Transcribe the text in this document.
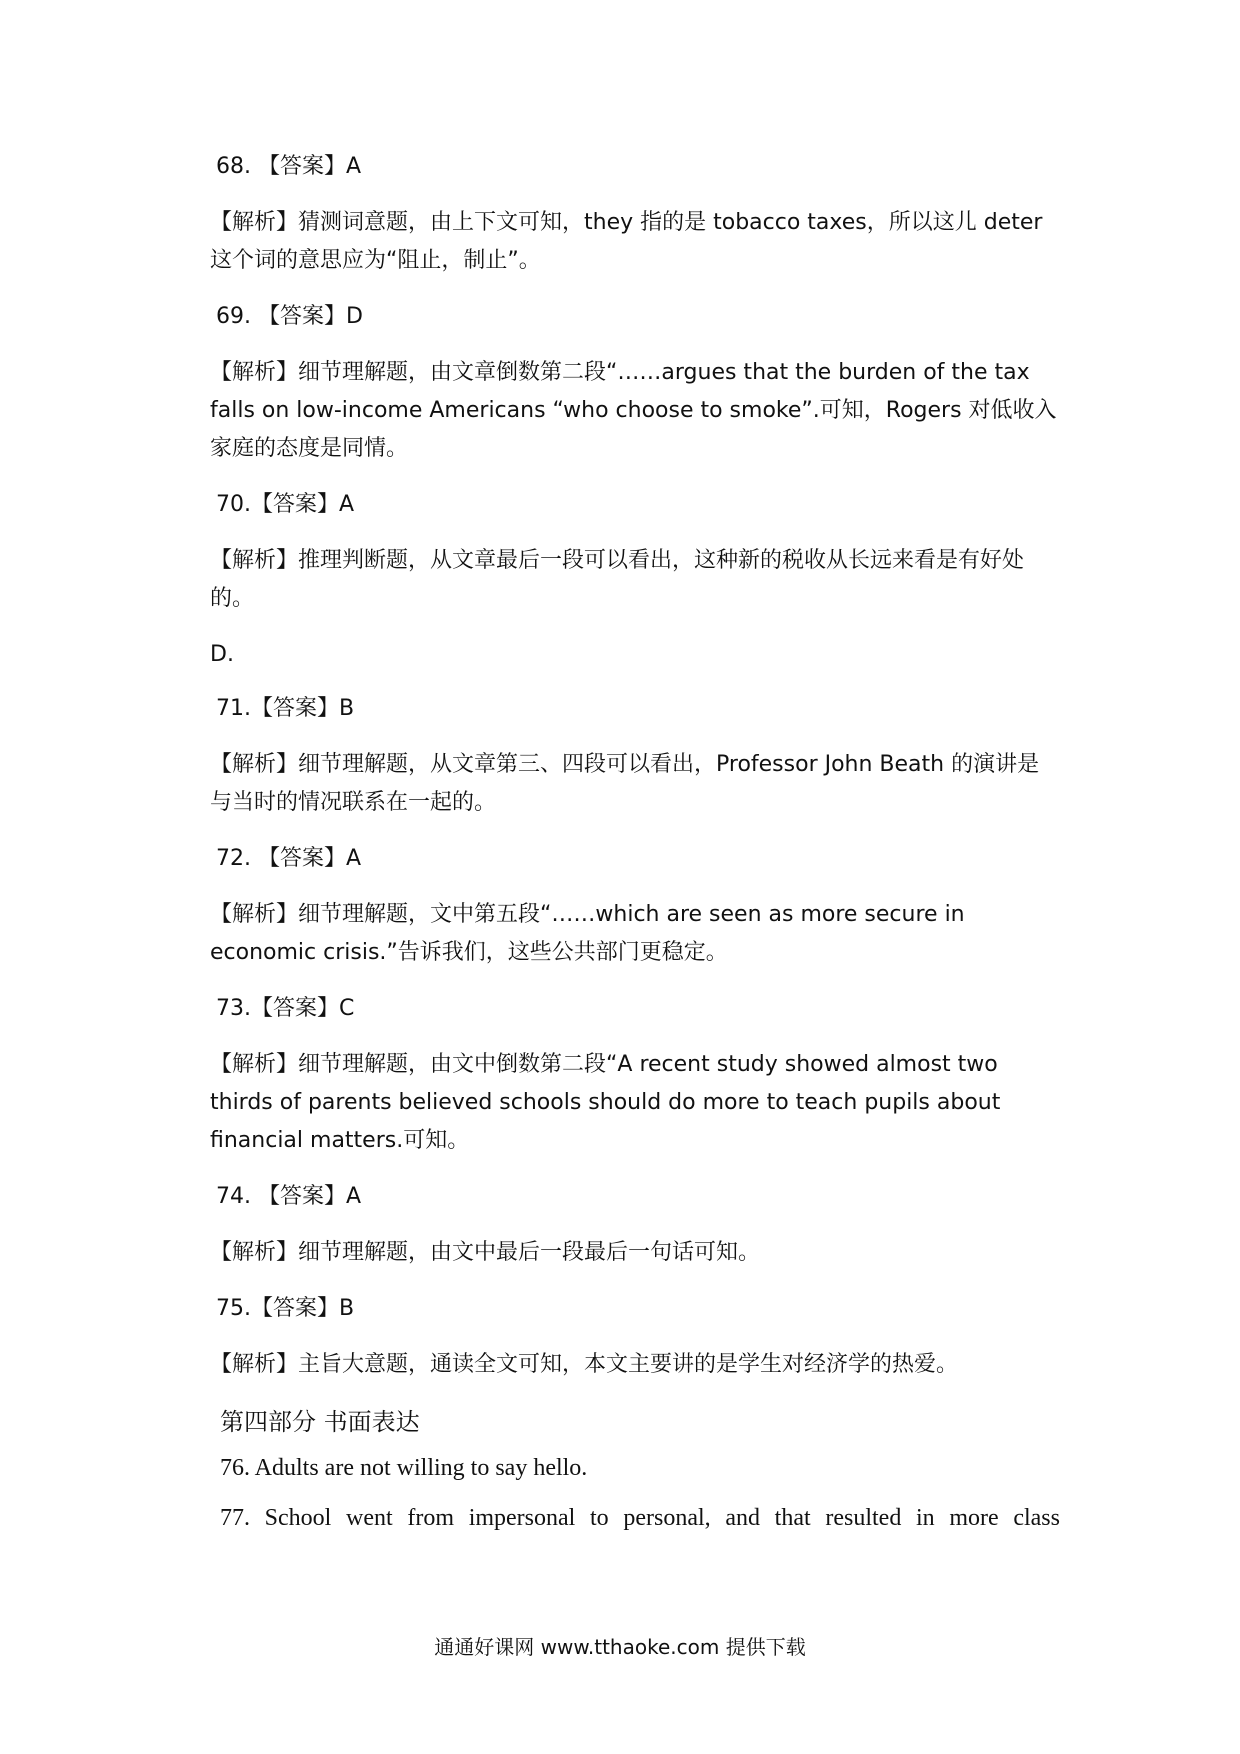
68. 【答案】A

【解析】猜测词意题，由上下文可知，they 指的是 tobacco taxes，所以这儿 deter 这个词的意思应为“阻止，制止”。

69. 【答案】D

【解析】细节理解题，由文章倒数第二段“……argues that the burden of the tax falls on low-income Americans “who choose to smoke”.可知，Rogers 对低收入家庭的态度是同情。

70.【答案】A

【解析】推理判断题，从文章最后一段可以看出，这种新的税收从长远来看是有好处的。

D.

71.【答案】B

【解析】细节理解题，从文章第三、四段可以看出，Professor John Beath 的演讲是与当时的情况联系在一起的。

72. 【答案】A

【解析】细节理解题，文中第五段“……which are seen as more secure in economic crisis.”告诉我们，这些公共部门更稳定。

73.【答案】C

【解析】细节理解题，由文中倒数第二段“A recent study showed almost two thirds of parents believed schools should do more to teach pupils about financial matters.可知。

74. 【答案】A

【解析】细节理解题，由文中最后一段最后一句话可知。

75.【答案】B

【解析】主旨大意题，通读全文可知，本文主要讲的是学生对经济学的热爱。

第四部分 书面表达

76. Adults are not willing to say hello.

77. School went from impersonal to personal, and that resulted in more class

通通好课网 www.tthaoke.com 提供下载
